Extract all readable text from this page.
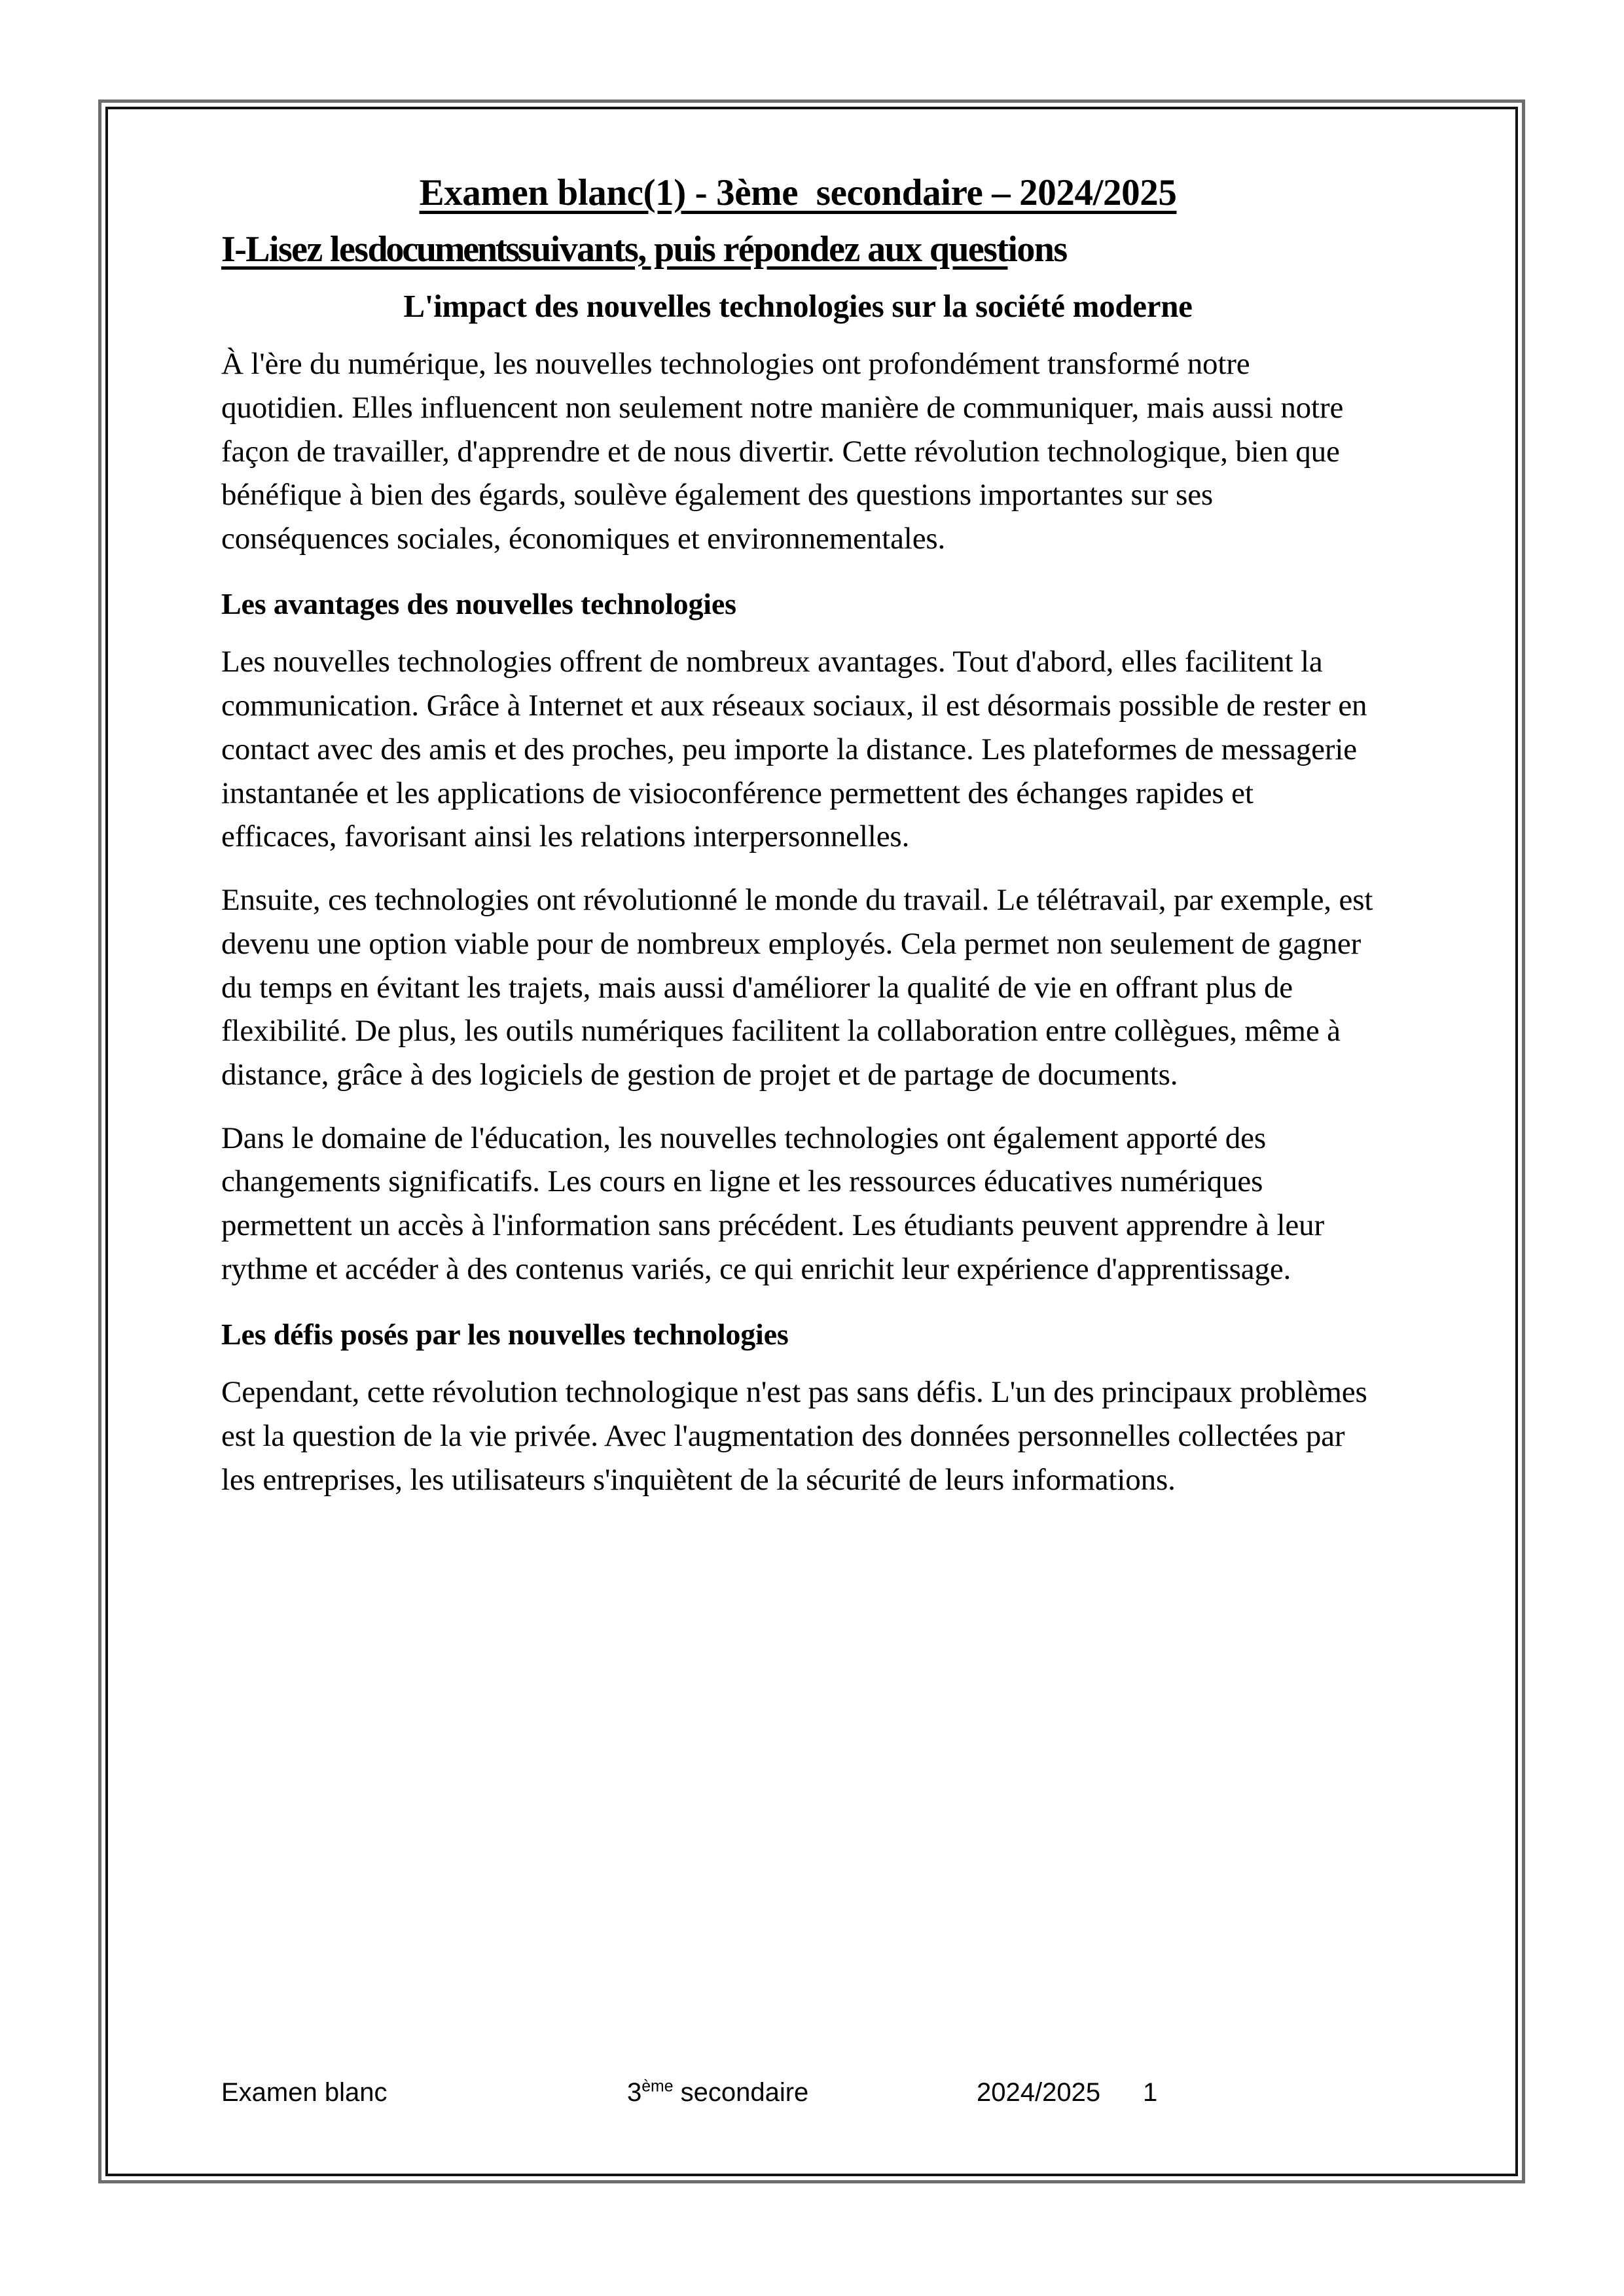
Examen blanc(1) - 3ème  secondaire – 2024/2025
I-Lisez lesdocumentssuivants, puis répondez aux questions
L'impact des nouvelles technologies sur la société moderne

À l'ère du numérique, les nouvelles technologies ont profondément transformé notre quotidien. Elles influencent non seulement notre manière de communiquer, mais aussi notre façon de travailler, d'apprendre et de nous divertir. Cette révolution technologique, bien que bénéfique à bien des égards, soulève également des questions importantes sur ses conséquences sociales, économiques et environnementales.

Les avantages des nouvelles technologies

Les nouvelles technologies offrent de nombreux avantages. Tout d'abord, elles facilitent la communication. Grâce à Internet et aux réseaux sociaux, il est désormais possible de rester en contact avec des amis et des proches, peu importe la distance. Les plateformes de messagerie instantanée et les applications de visioconférence permettent des échanges rapides et efficaces, favorisant ainsi les relations interpersonnelles.

Ensuite, ces technologies ont révolutionné le monde du travail. Le télétravail, par exemple, est devenu une option viable pour de nombreux employés. Cela permet non seulement de gagner du temps en évitant les trajets, mais aussi d'améliorer la qualité de vie en offrant plus de flexibilité. De plus, les outils numériques facilitent la collaboration entre collègues, même à distance, grâce à des logiciels de gestion de projet et de partage de documents.

Dans le domaine de l'éducation, les nouvelles technologies ont également apporté des changements significatifs. Les cours en ligne et les ressources éducatives numériques permettent un accès à l'information sans précédent. Les étudiants peuvent apprendre à leur rythme et accéder à des contenus variés, ce qui enrichit leur expérience d'apprentissage.

Les défis posés par les nouvelles technologies

Cependant, cette révolution technologique n'est pas sans défis. L'un des principaux problèmes est la question de la vie privée. Avec l'augmentation des données personnelles collectées par les entreprises, les utilisateurs s'inquiètent de la sécurité de leurs informations.

Examen blanc	3ème secondaire	2024/2025 1
